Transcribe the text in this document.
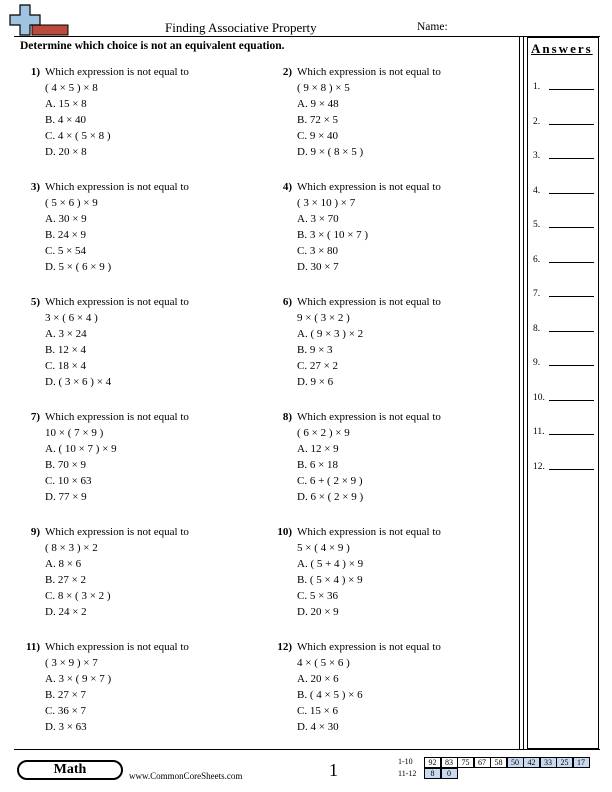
Finding Associative Property	Name:
Determine which choice is not an equivalent equation.	Answers
1.
2.
3.
4.
5.
6.
7.
8.
9.
10.
11.
12.
1) Which expression is not equal to
( 4 × 5 ) × 8
A. 15 × 8
B. 4 × 40
C. 4 × ( 5 × 8 )
D. 20 × 8
2) Which expression is not equal to
( 9 × 8 ) × 5
A. 9 × 48
B. 72 × 5
C. 9 × 40
D. 9 × ( 8 × 5 )
3) Which expression is not equal to
( 5 × 6 ) × 9
A. 30 × 9
B. 24 × 9
C. 5 × 54
D. 5 × ( 6 × 9 )
4) Which expression is not equal to
( 3 × 10 ) × 7
A. 3 × 70
B. 3 × ( 10 × 7 )
C. 3 × 80
D. 30 × 7
5) Which expression is not equal to
3 × ( 6 × 4 )
A. 3 × 24
B. 12 × 4
C. 18 × 4
D. ( 3 × 6 ) × 4
6) Which expression is not equal to
9 × ( 3 × 2 )
A. ( 9 × 3 ) × 2
B. 9 × 3
C. 27 × 2
D. 9 × 6
7) Which expression is not equal to
10 × ( 7 × 9 )
A. ( 10 × 7 ) × 9
B. 70 × 9
C. 10 × 63
D. 77 × 9
8) Which expression is not equal to
( 6 × 2 ) × 9
A. 12 × 9
B. 6 × 18
C. 6 + ( 2 × 9 )
D. 6 × ( 2 × 9 )
9) Which expression is not equal to
( 8 × 3 ) × 2
A. 8 × 6
B. 27 × 2
C. 8 × ( 3 × 2 )
D. 24 × 2
10) Which expression is not equal to
5 × ( 4 × 9 )
A. ( 5 + 4 ) × 9
B. ( 5 × 4 ) × 9
C. 5 × 36
D. 20 × 9
11) Which expression is not equal to
( 3 × 9 ) × 7
A. 3 × ( 9 × 7 )
B. 27 × 7
C. 36 × 7
D. 3 × 63
12) Which expression is not equal to
4 × ( 5 × 6 )
A. 20 × 6
B. ( 4 × 5 ) × 6
C. 15 × 6
D. 4 × 30
Math	www.CommonCoreSheets.com	1	1-10	92	83	75	67	58	50	42	33	25	17
11-12	8	0
